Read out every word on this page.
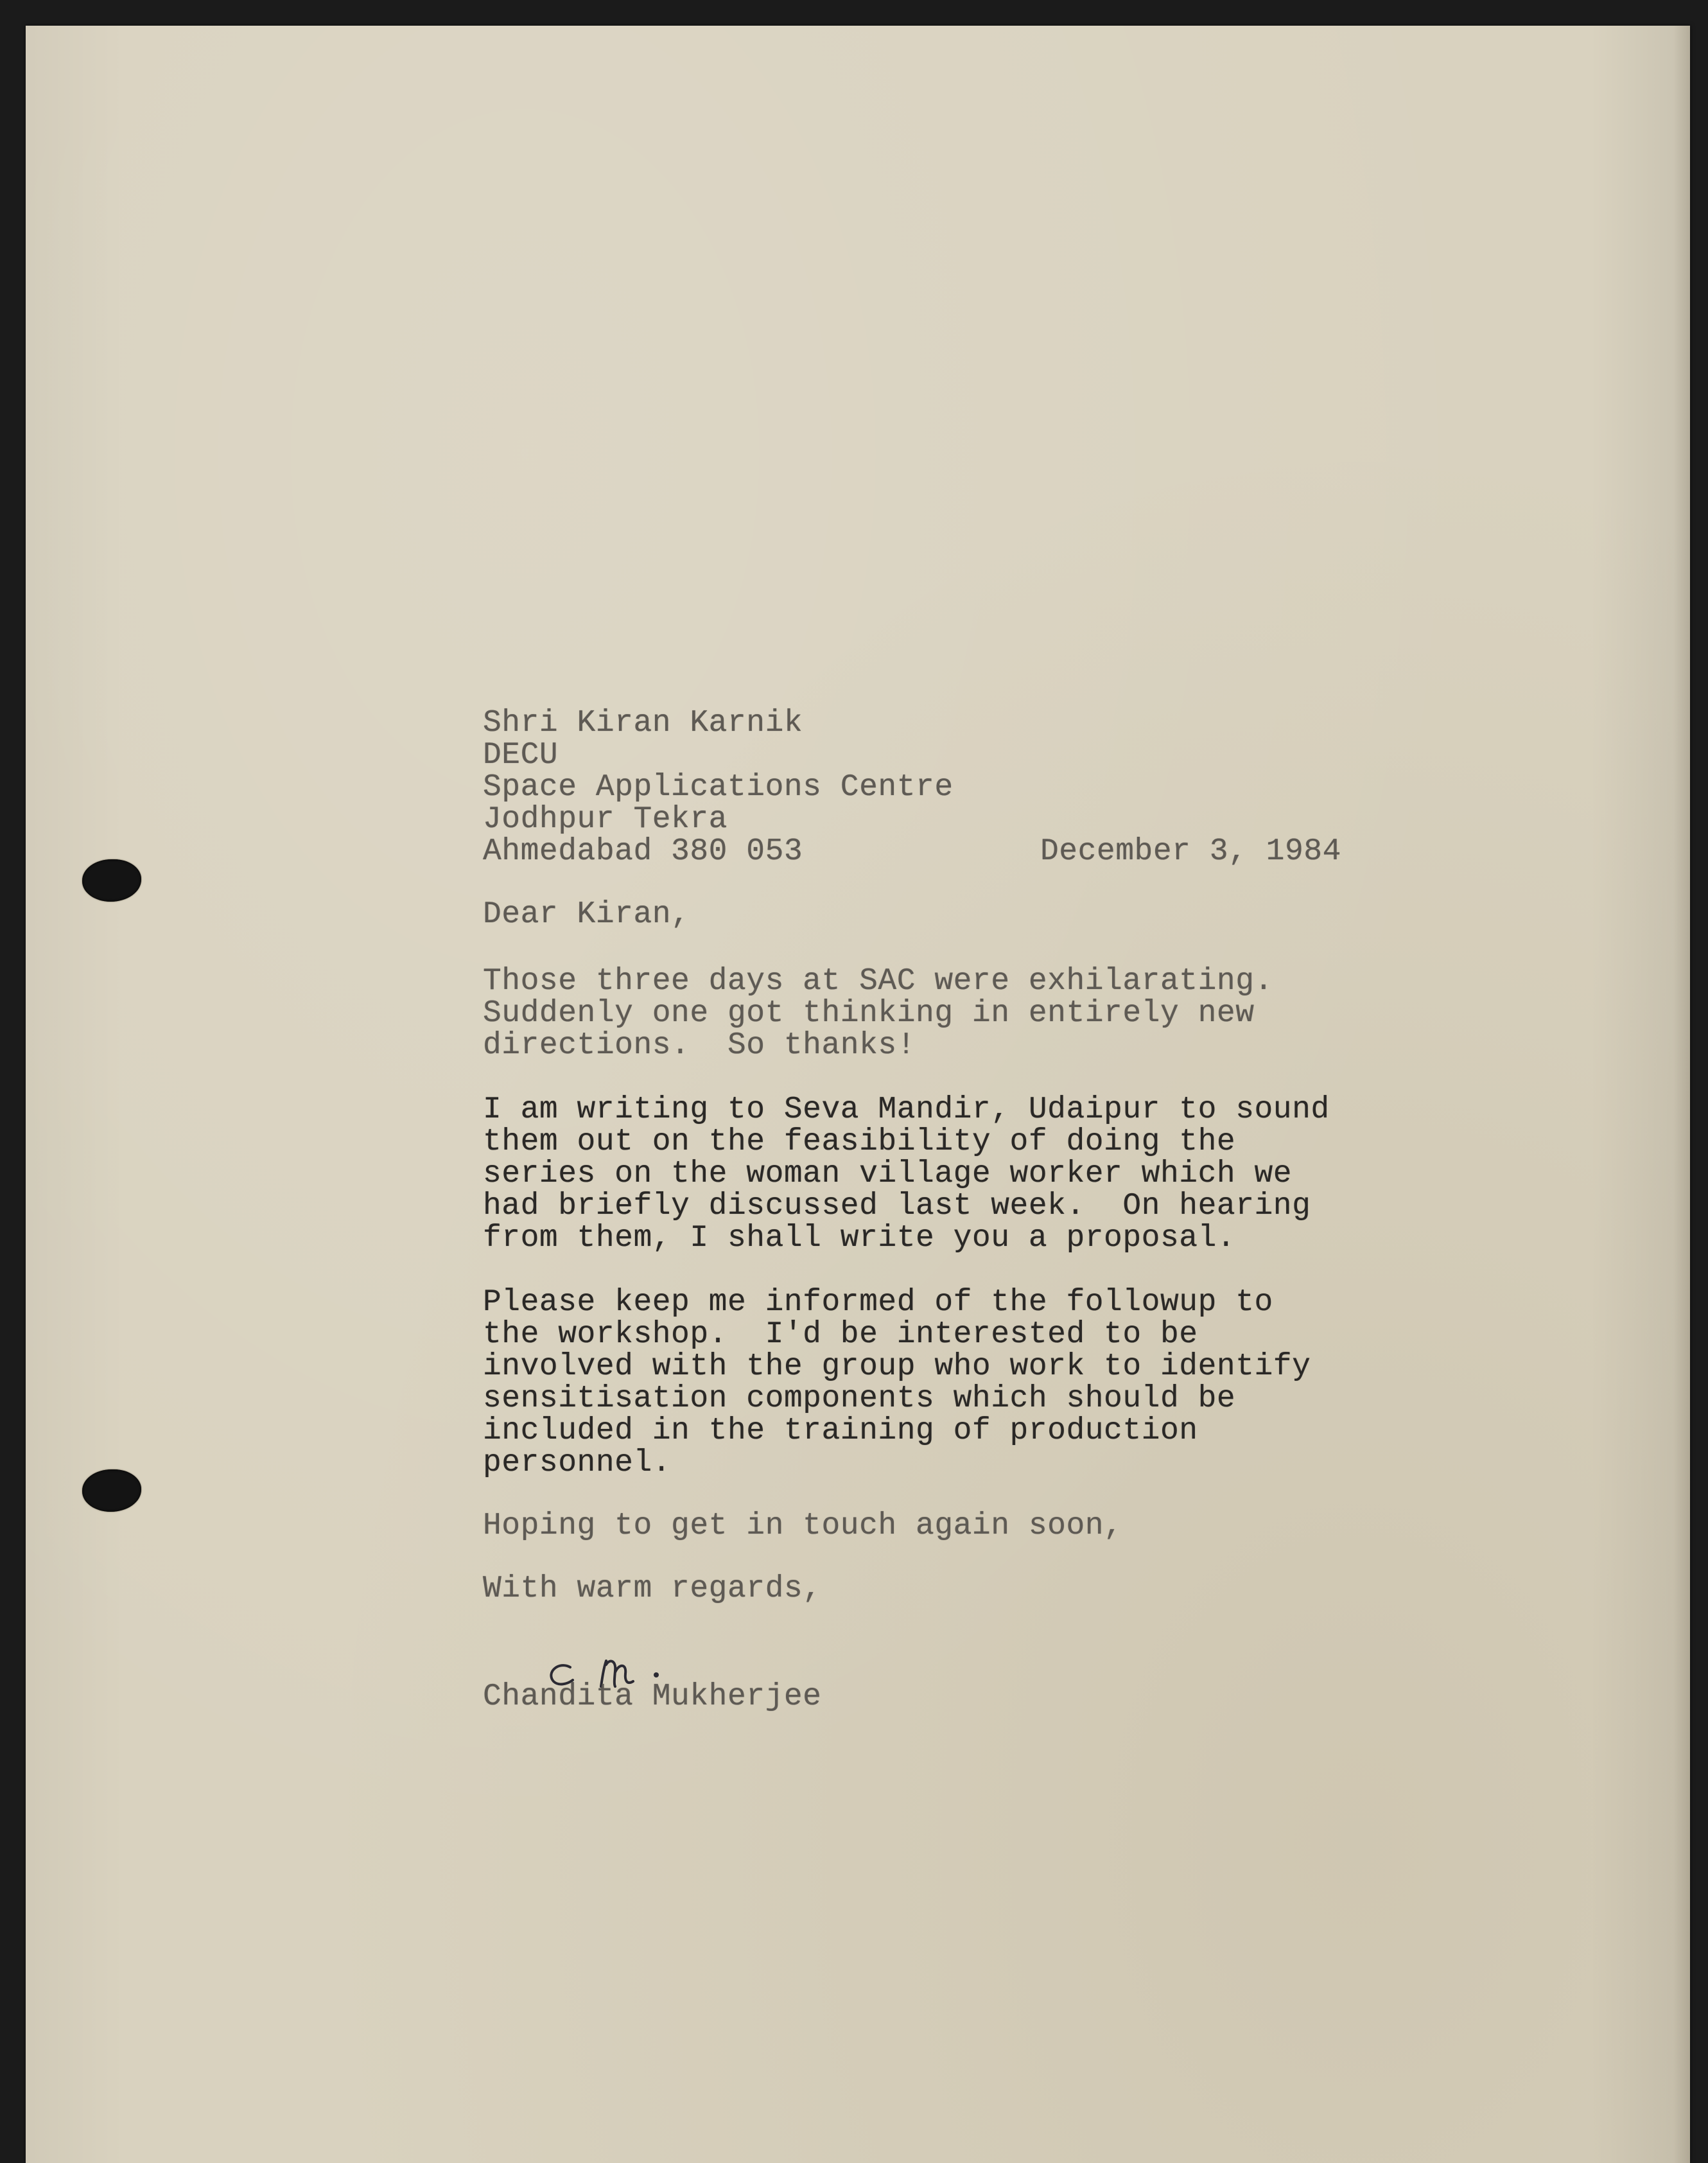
Shri Kiran Karnik
DECU
Space Applications Centre
Jodhpur Tekra
Ahmedabad 380 053	December 3, 1984
Dear Kiran,
Those three days at SAC were exhilarating.
Suddenly one got thinking in entirely new
directions.  So thanks!
I am writing to Seva Mandir, Udaipur to sound
them out on the feasibility of doing the
series on the woman village worker which we
had briefly discussed last week.  On hearing
from them, I shall write you a proposal.
Please keep me informed of the followup to
the workshop.  I'd be interested to be
involved with the group who work to identify
sensitisation components which should be
included in the training of production
personnel.
Hoping to get in touch again soon,
With warm regards,
Chandita Mukherjee
